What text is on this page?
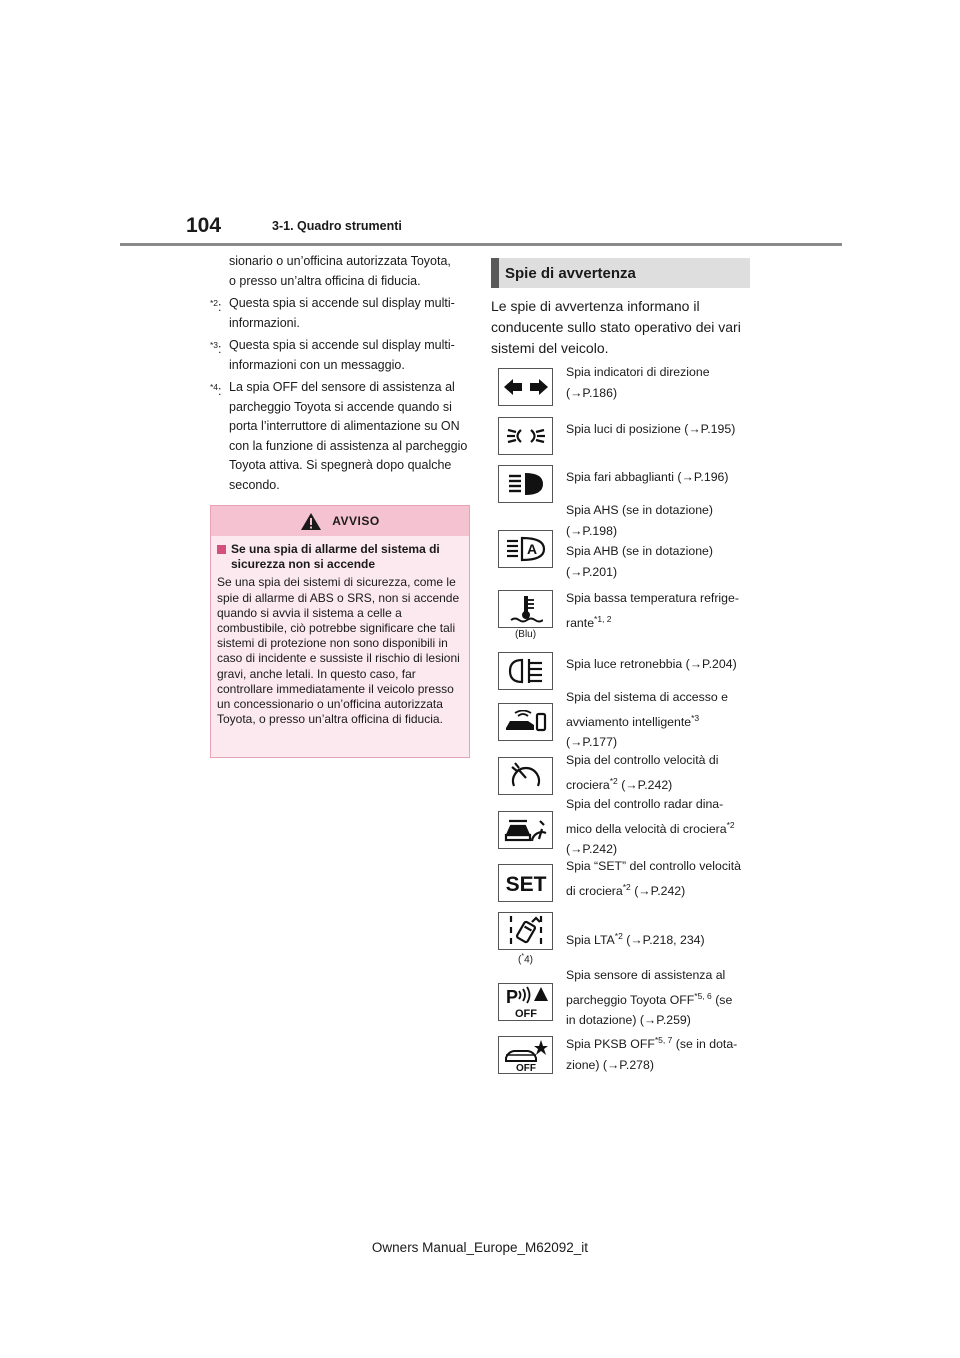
104	3-1. Quadro strumenti
sionario o un’officina autorizzata Toyota,
o presso un’altra officina di fiducia.
$^{*2}$: Questa spia si accende sul display multi-informazioni.
$^{*3}$: Questa spia si accende sul display multi-informazioni con un messaggio.
$^{*4}$: La spia OFF del sensore di assistenza al parcheggio Toyota si accende quando si porta l’interruttore di alimentazione su ON con la funzione di assistenza al parcheggio Toyota attiva. Si spegnerà dopo qualche secondo.
AVVISO
Se una spia di allarme del sistema di sicurezza non si accende
Se una spia dei sistemi di sicurezza, come le spie di allarme di ABS o SRS, non si accende quando si avvia il sistema a celle a combustibile, ciò potrebbe significare che tali sistemi di protezione non sono disponibili in caso di incidente e sussiste il rischio di lesioni gravi, anche letali. In questo caso, far controllare immediatamente il veicolo presso un concessionario o un’officina autorizzata Toyota, o presso un’altra officina di fiducia.
Spie di avvertenza
Le spie di avvertenza informano il conducente sullo stato operativo dei vari sistemi del veicolo.
Spia indicatori di direzione
(→P.186)
Spia luci di posizione (→P.195)
Spia fari abbaglianti (→P.196)
A
Spia AHS (se in dotazione)
(→P.198)
Spia AHB (se in dotazione)
(→P.201)
(Blu)
Spia bassa temperatura refrige-
rante$^{*1, 2}$
Spia luce retronebbia (→P.204)
Spia del sistema di accesso e
avviamento intelligente$^{*3}$
(→P.177)
Spia del controllo velocità di
crociera$^{*2}$ (→P.242)
Spia del controllo radar dina-
mico della velocità di crociera$^{*2}$
(→P.242)
SET
Spia “SET” del controllo velocità
di crociera$^{*2}$ (→P.242)
(*4)
Spia LTA$^{*2}$ (→P.218, 234)
P
OFF
Spia sensore di assistenza al
parcheggio Toyota OFF$^{*5, 6}$ (se
in dotazione) (→P.259)
OFF
Spia PKSB OFF$^{*5, 7}$ (se in dota-
zione) (→P.278)
Owners Manual_Europe_M62092_it
